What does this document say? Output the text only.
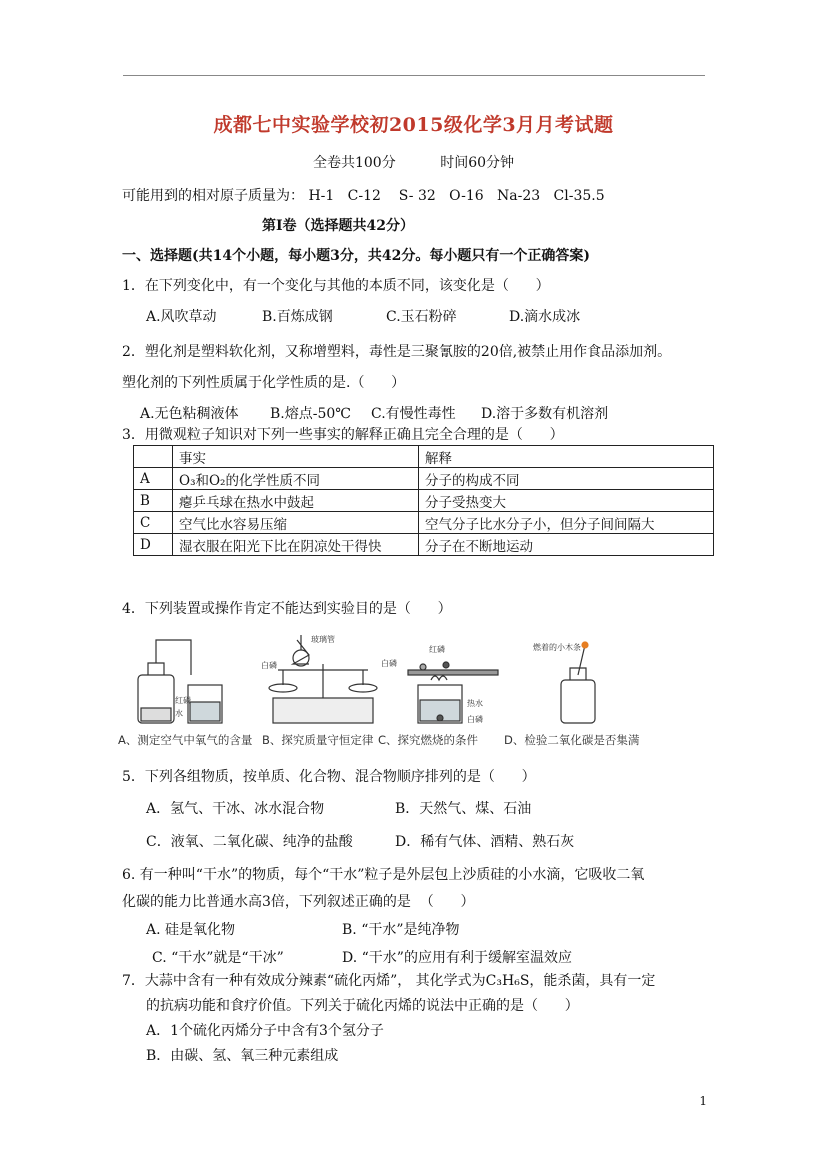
成都七中实验学校初2015级化学3月月考试题
全卷共100分          时间60分钟
可能用到的相对原子质量为： H-1   C-12    S- 32   O-16   Na-23   Cl-35.5
第Ⅰ卷（选择题共42分）
一、选择题(共14个小题，每小题3分，共42分。每小题只有一个正确答案)
1．在下列变化中，有一个变化与其他的本质不同，该变化是（      ）
A.风吹草动	B.百炼成钢	C.玉石粉碎	D.滴水成冰
2．塑化剂是塑料软化剂，又称增塑料，毒性是三聚氰胺的20倍,被禁止用作食品添加剂。
塑化剂的下列性质属于化学性质的是.（      ）
A.无色粘稠液体 B.熔点-50℃ C.有慢性毒性 D.溶于多数有机溶剂
3．用微观粒子知识对下列一些事实的解释正确且完全合理的是（      ）
	事实	解释
A	O₃和O₂的化学性质不同	分子的构成不同
B	瘪乒乓球在热水中鼓起	分子受热变大
C	空气比水容易压缩	空气分子比水分子小，但分子间间隔大
D	湿衣服在阳光下比在阴凉处干得快	分子在不断地运动
4．下列装置或操作肯定不能达到实验目的是（      ）
红磷
水
白磷
玻璃管
白磷
红磷
热水
白磷
燃着的小木条
A、测定空气中氧气的含量 B、探究质量守恒定律 C、探究燃烧的条件 D、检验二氧化碳是否集满
5．下列各组物质，按单质、化合物、混合物顺序排列的是（      ）
A．氢气、干冰、冰水混合物	B．天然气、煤、石油
C．液氧、二氧化碳、纯净的盐酸	D．稀有气体、酒精、熟石灰
6. 有一种叫“干水”的物质，每个“干水”粒子是外层包上沙质硅的小水滴，它吸收二氧
化碳的能力比普通水高3倍，下列叙述正确的是  （      ）
A. 硅是氧化物	B. “干水”是纯净物
C. “干水”就是“干冰”	D. “干水”的应用有利于缓解室温效应
7．大蒜中含有一种有效成分辣素“硫化丙烯”， 其化学式为C₃H₆S，能杀菌，具有一定
的抗病功能和食疗价值。下列关于硫化丙烯的说法中正确的是（      ）
A．1个硫化丙烯分子中含有3个氢分子
B．由碳、氢、氧三种元素组成
1
